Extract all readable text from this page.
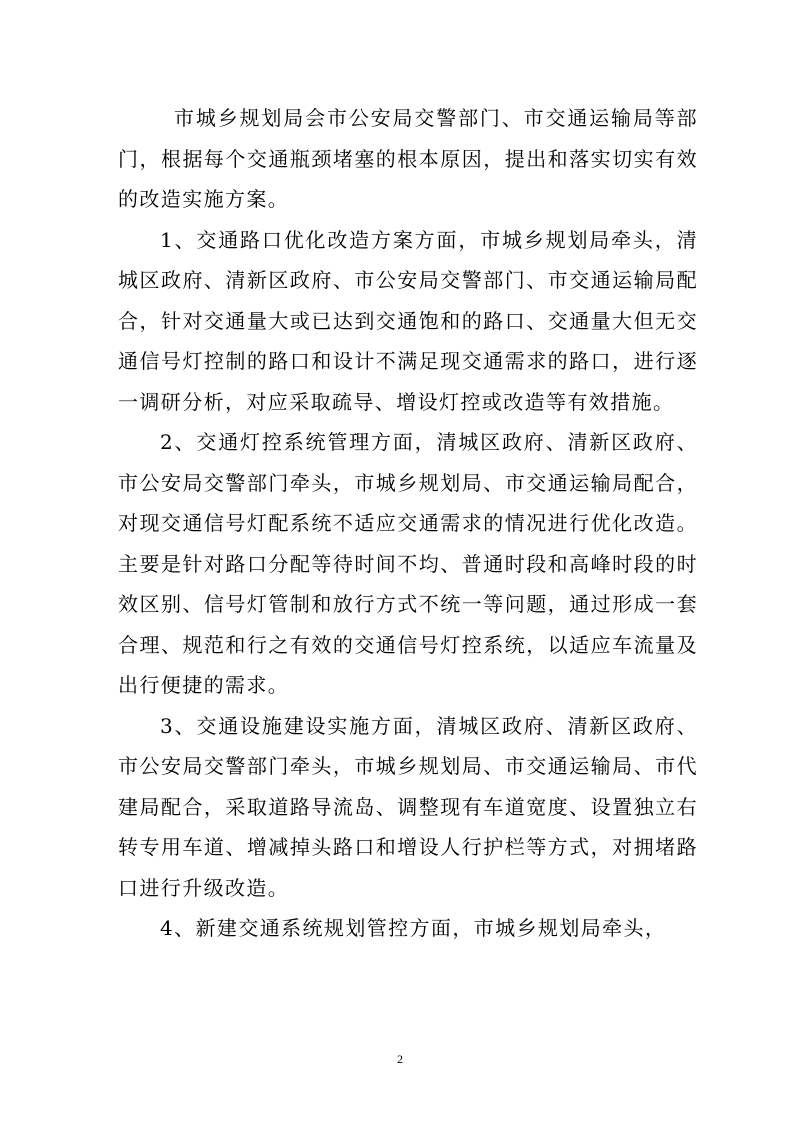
市城乡规划局会市公安局交警部门、市交通运输局等部门，根据每个交通瓶颈堵塞的根本原因，提出和落实切实有效的改造实施方案。

1、交通路口优化改造方案方面，市城乡规划局牵头，清城区政府、清新区政府、市公安局交警部门、市交通运输局配合，针对交通量大或已达到交通饱和的路口、交通量大但无交通信号灯控制的路口和设计不满足现交通需求的路口，进行逐一调研分析，对应采取疏导、增设灯控或改造等有效措施。

2、交通灯控系统管理方面，清城区政府、清新区政府、市公安局交警部门牵头，市城乡规划局、市交通运输局配合，对现交通信号灯配系统不适应交通需求的情况进行优化改造。主要是针对路口分配等待时间不均、普通时段和高峰时段的时效区别、信号灯管制和放行方式不统一等问题，通过形成一套合理、规范和行之有效的交通信号灯控系统，以适应车流量及出行便捷的需求。

3、交通设施建设实施方面，清城区政府、清新区政府、市公安局交警部门牵头，市城乡规划局、市交通运输局、市代建局配合，采取道路导流岛、调整现有车道宽度、设置独立右转专用车道、增减掉头路口和增设人行护栏等方式，对拥堵路口进行升级改造。

4、新建交通系统规划管控方面，市城乡规划局牵头，

2
